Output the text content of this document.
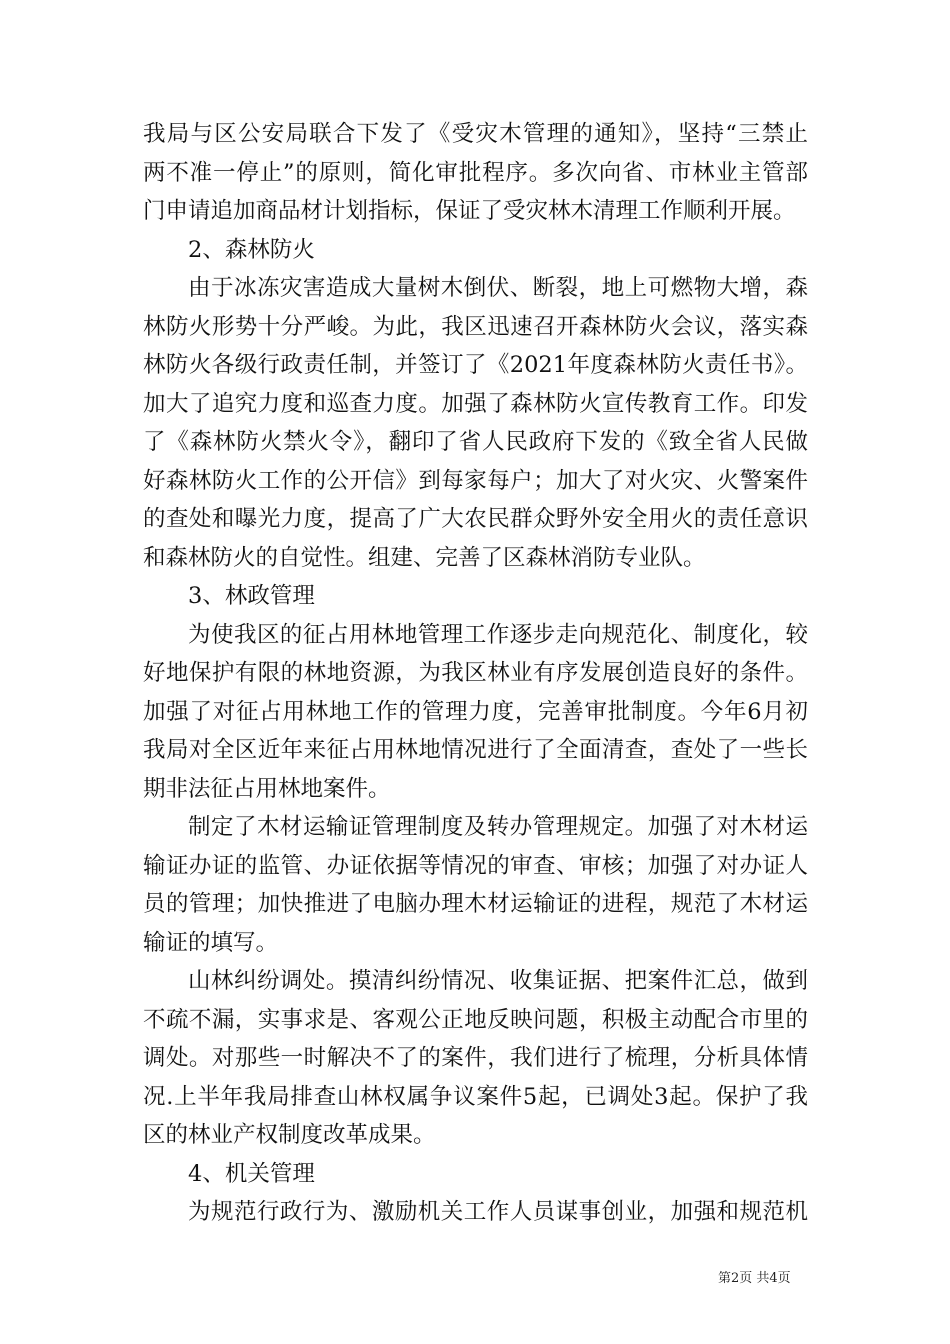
我局与区公安局联合下发了《受灾木管理的通知》，坚持“三禁止
两不准一停止”的原则，简化审批程序。多次向省、市林业主管部
门申请追加商品材计划指标，保证了受灾林木清理工作顺利开展。
2、森林防火
由于冰冻灾害造成大量树木倒伏、断裂，地上可燃物大增，森
林防火形势十分严峻。为此，我区迅速召开森林防火会议，落实森
林防火各级行政责任制，并签订了《2021年度森林防火责任书》。
加大了追究力度和巡查力度。加强了森林防火宣传教育工作。印发
了《森林防火禁火令》，翻印了省人民政府下发的《致全省人民做
好森林防火工作的公开信》到每家每户；加大了对火灾、火警案件
的查处和曝光力度，提高了广大农民群众野外安全用火的责任意识
和森林防火的自觉性。组建、完善了区森林消防专业队。
3、林政管理
为使我区的征占用林地管理工作逐步走向规范化、制度化，较
好地保护有限的林地资源，为我区林业有序发展创造良好的条件。
加强了对征占用林地工作的管理力度，完善审批制度。今年6月初
我局对全区近年来征占用林地情况进行了全面清查，查处了一些长
期非法征占用林地案件。
制定了木材运输证管理制度及转办管理规定。加强了对木材运
输证办证的监管、办证依据等情况的审查、审核；加强了对办证人
员的管理；加快推进了电脑办理木材运输证的进程，规范了木材运
输证的填写。
山林纠纷调处。摸清纠纷情况、收集证据、把案件汇总，做到
不疏不漏，实事求是、客观公正地反映问题，积极主动配合市里的
调处。对那些一时解决不了的案件，我们进行了梳理，分析具体情
况.上半年我局排查山林权属争议案件5起，已调处3起。保护了我
区的林业产权制度改革成果。
4、机关管理
为规范行政行为、激励机关工作人员谋事创业，加强和规范机
第2页 共4页
